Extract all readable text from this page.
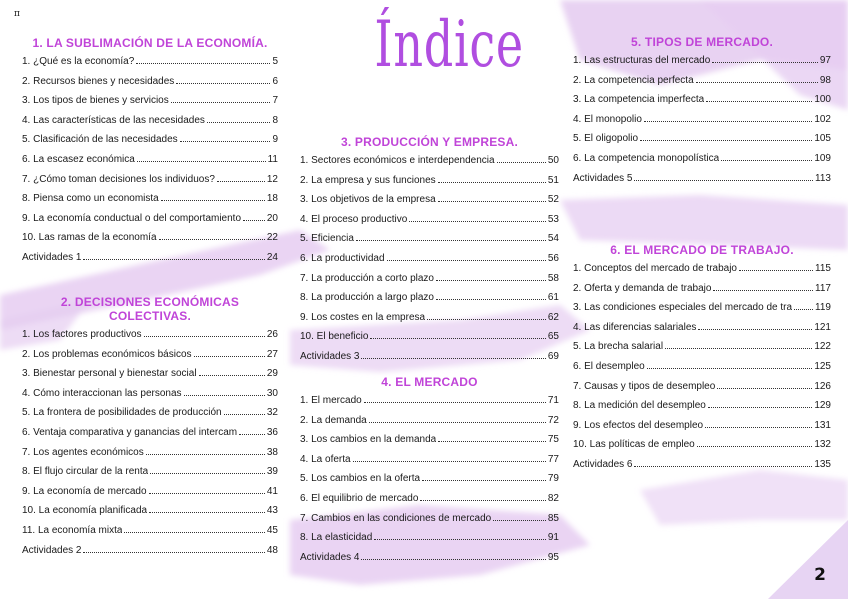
π	Índice
1. LA SUBLIMACIÓN DE LA ECONOMÍA.
1. ¿Qué es la economía?	5
2. Recursos bienes y necesidades	6
3. Los tipos de bienes y servicios	7
4. Las características de las necesidades	8
5. Clasificación de las necesidades	9
6. La escasez económica	11
7. ¿Cómo toman decisiones los individuos?	12
8. Piensa como un economista	18
9. La economía conductual o del comportamiento	20
10. Las ramas de la economía	22
Actividades 1	24
2. DECISIONES ECONÓMICAS COLECTIVAS.
1. Los factores productivos	26
2. Los problemas económicos básicos	27
3. Bienestar personal y bienestar social	29
4. Cómo interaccionan las personas	30
5. La frontera de posibilidades de producción	32
6. Ventaja comparativa y ganancias del intercam	36
7. Los agentes económicos	38
8. El flujo circular de la renta	39
9. La economía de mercado	41
10. La economía planificada	43
11. La economía mixta	45
Actividades 2	48
3. PRODUCCIÓN Y EMPRESA.
1. Sectores económicos e interdependencia	50
2. La empresa y sus funciones	51
3. Los objetivos de la empresa	52
4. El proceso productivo	53
5. Eficiencia	54
6. La productividad	56
7. La producción a corto plazo	58
8. La producción a largo plazo	61
9. Los costes en la empresa	62
10. El beneficio	65
Actividades 3	69
4. EL MERCADO
1. El mercado	71
2. La demanda	72
3. Los cambios en la demanda	75
4. La oferta	77
5. Los cambios en la oferta	79
6. El equilibrio de mercado	82
7. Cambios en las condiciones de mercado	85
8. La elasticidad	91
Actividades 4	95
5. TIPOS DE MERCADO.
1. Las estructuras del mercado	97
2. La competencia perfecta	98
3. La competencia imperfecta	100
4. El monopolio	102
5. El oligopolio	105
6. La competencia monopolística	109
Actividades 5	113
6. EL MERCADO DE TRABAJO.
1. Conceptos del mercado de trabajo	115
2. Oferta y demanda de trabajo	117
3. Las condiciones especiales del mercado de tra 119
4. Las diferencias salariales	121
5. La brecha salarial	122
6. El desempleo	125
7. Causas y tipos de desempleo	126
8. La medición del desempleo	129
9. Los efectos del desempleo	131
10. Las políticas de empleo	132
Actividades 6	135
2
